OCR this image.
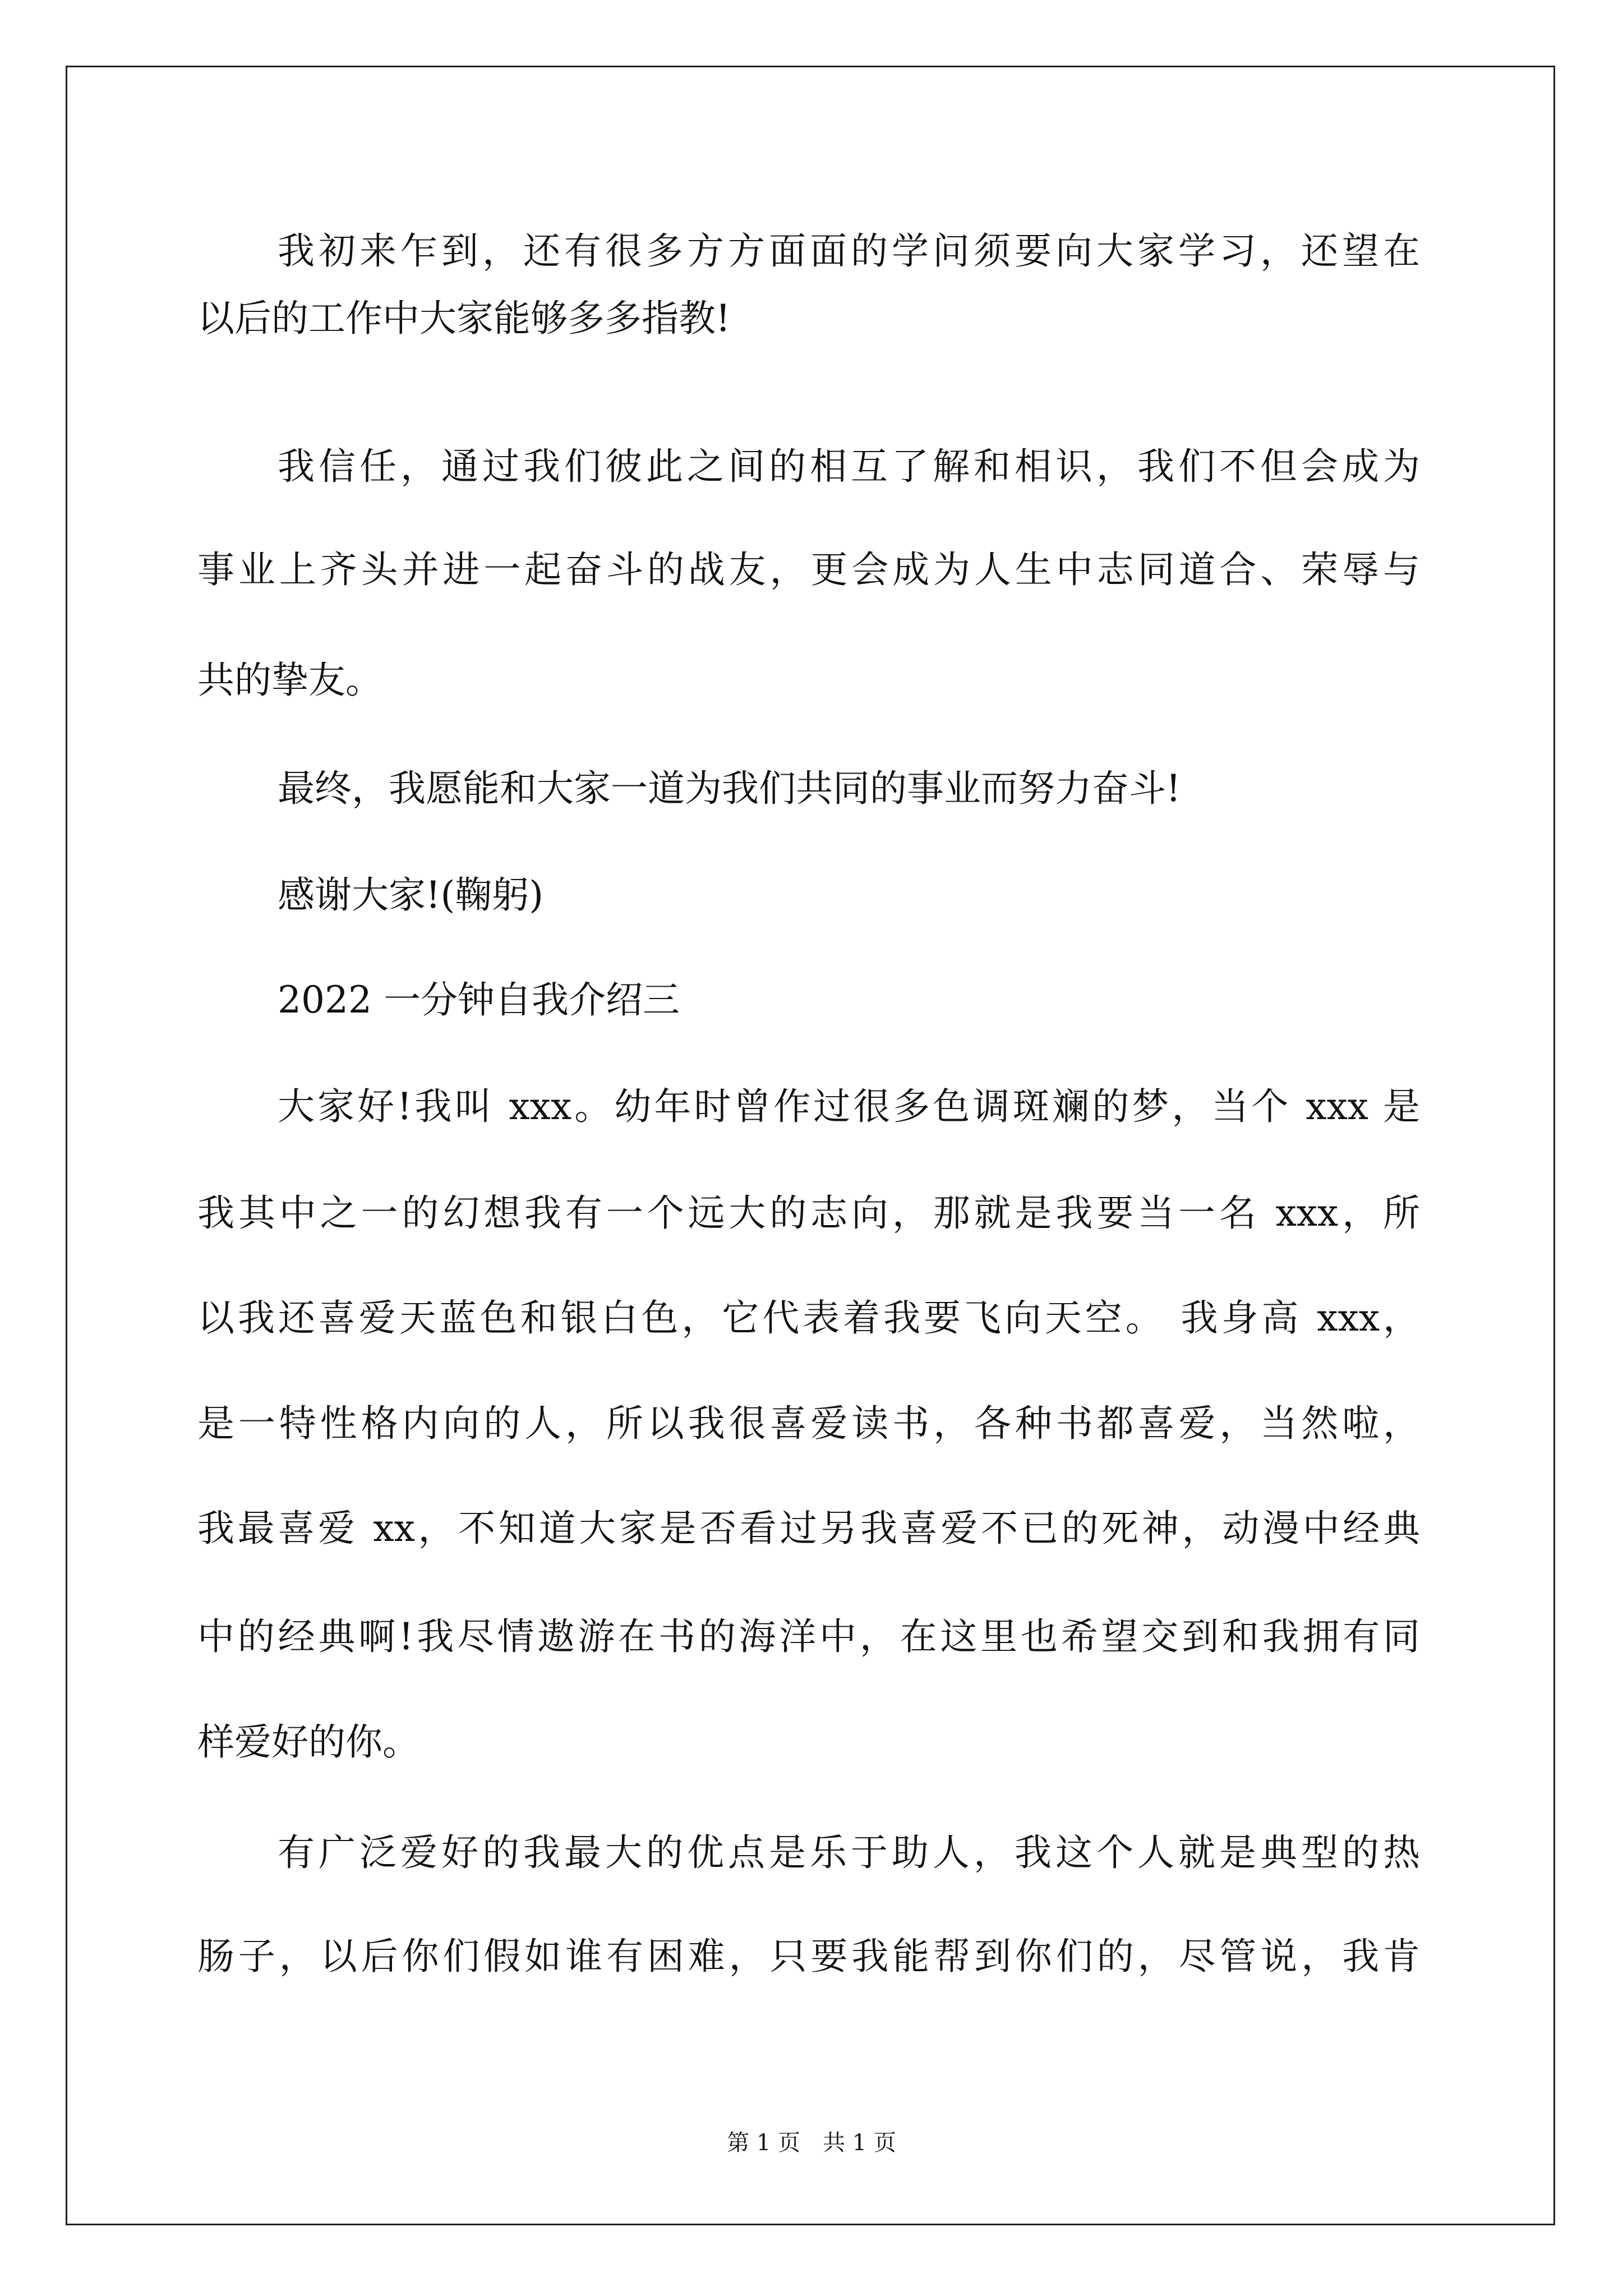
我初来乍到，还有很多方方面面的学问须要向大家学习，还望在
以后的工作中大家能够多多指教!
我信任，通过我们彼此之间的相互了解和相识，我们不但会成为
事业上齐头并进一起奋斗的战友，更会成为人生中志同道合、荣辱与
共的挚友。
最终，我愿能和大家一道为我们共同的事业而努力奋斗!
感谢大家!(鞠躬)
2022 一分钟自我介绍三
大家好!我叫 xxx。幼年时曾作过很多色调斑斓的梦，当个 xxx 是
我其中之一的幻想我有一个远大的志向，那就是我要当一名 xxx，所
以我还喜爱天蓝色和银白色，它代表着我要飞向天空。 我身高 xxx，
是一特性格内向的人，所以我很喜爱读书，各种书都喜爱，当然啦，
我最喜爱 xx，不知道大家是否看过另我喜爱不已的死神，动漫中经典
中的经典啊!我尽情遨游在书的海洋中，在这里也希望交到和我拥有同
样爱好的你。
有广泛爱好的我最大的优点是乐于助人，我这个人就是典型的热
肠子，以后你们假如谁有困难，只要我能帮到你们的，尽管说，我肯
第 1 页　共 1 页
